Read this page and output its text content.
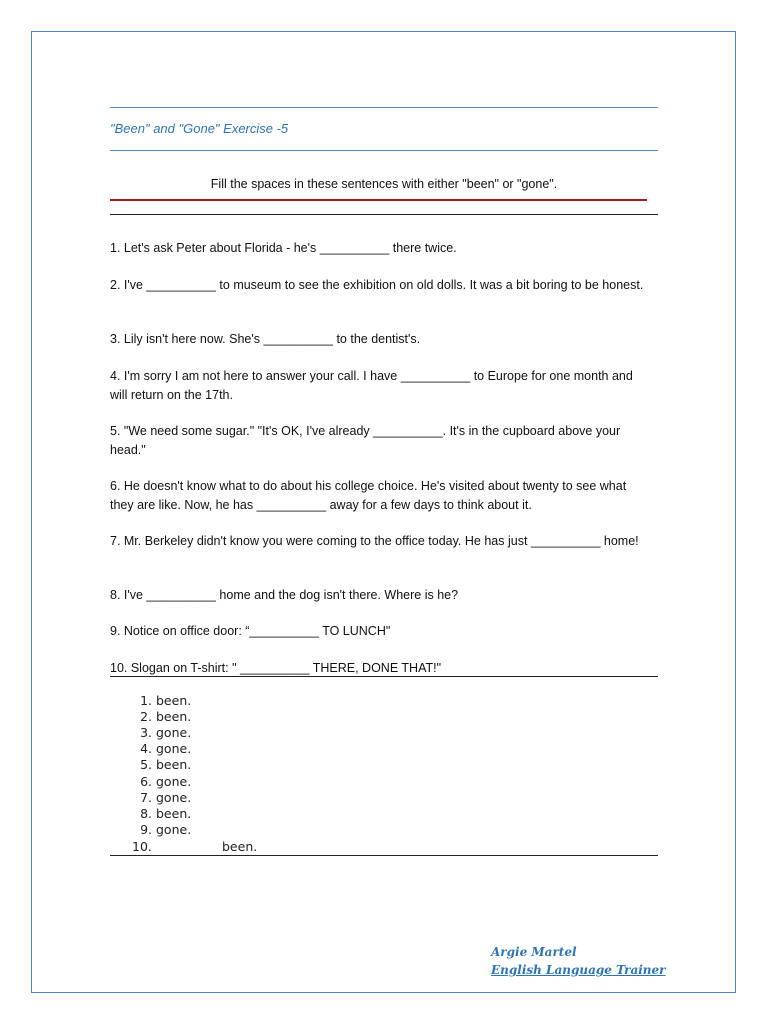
"Been" and "Gone" Exercise -5
Fill the spaces in these sentences with either "been" or "gone".
1. Let's ask Peter about Florida - he's __________ there twice.
2. I've __________ to museum to see the exhibition on old dolls. It was a bit boring to be honest.
3. Lily isn't here now. She's __________ to the dentist's.
4. I'm sorry I am not here to answer your call. I have __________ to Europe for one month and will return on the 17th.
5. "We need some sugar." "It's OK, I've already __________. It's in the cupboard above your head."
6. He doesn't know what to do about his college choice. He's visited about twenty to see what they are like. Now, he has __________ away for a few days to think about it.
7. Mr. Berkeley didn't know you were coming to the office today. He has just __________ home!
8. I've __________ home and the dog isn't there. Where is he?
9. Notice on office door: “__________ TO LUNCH"
10. Slogan on T-shirt: " __________ THERE, DONE THAT!"
1. been.
2. been.
3. gone.
4. gone.
5. been.
6. gone.
7. gone.
8. been.
9. gone.
10.	been.
Argie Martel
English Language Trainer
